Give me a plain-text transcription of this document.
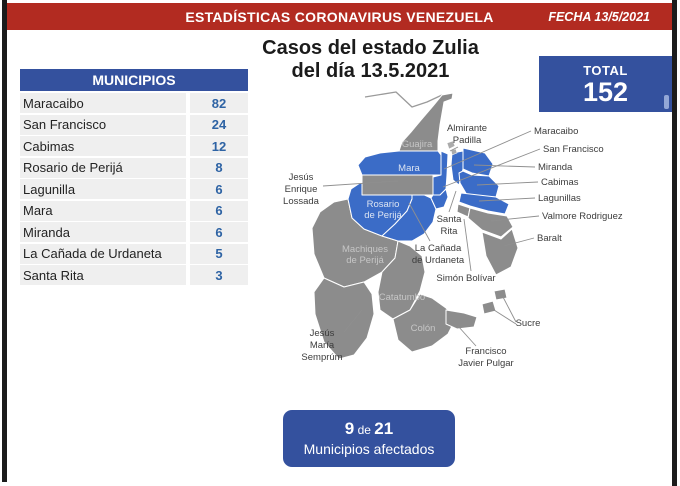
ESTADÍSTICAS CORONAVIRUS VENEZUELA	FECHA 13/5/2021
Casos del estado Zulia
del día 13.5.2021
MUNICIPIOS
Maracaibo	82
San Francisco	24
Cabimas	12
Rosario de Perijá	8
Lagunilla	6
Mara	6
Miranda	6
La Cañada de Urdaneta	5
Santa Rita	3
TOTAL
152
Guajira
Mara
Rosario
de Perijá
Machiques
de Perijá
Catatumbo
Colón
Jesús
Enrique
Lossada
Jesús
María
Semprúm
Almirante
Padilla
Maracaibo
San Francisco
Miranda
Cabimas
Lagunillas
Valmore Rodriguez
Baralt
Santa
Rita
La Cañada
de Urdaneta
Simón Bolívar
Sucre
Francisco
Javier Pulgar
9 de 21
Municipios afectados
